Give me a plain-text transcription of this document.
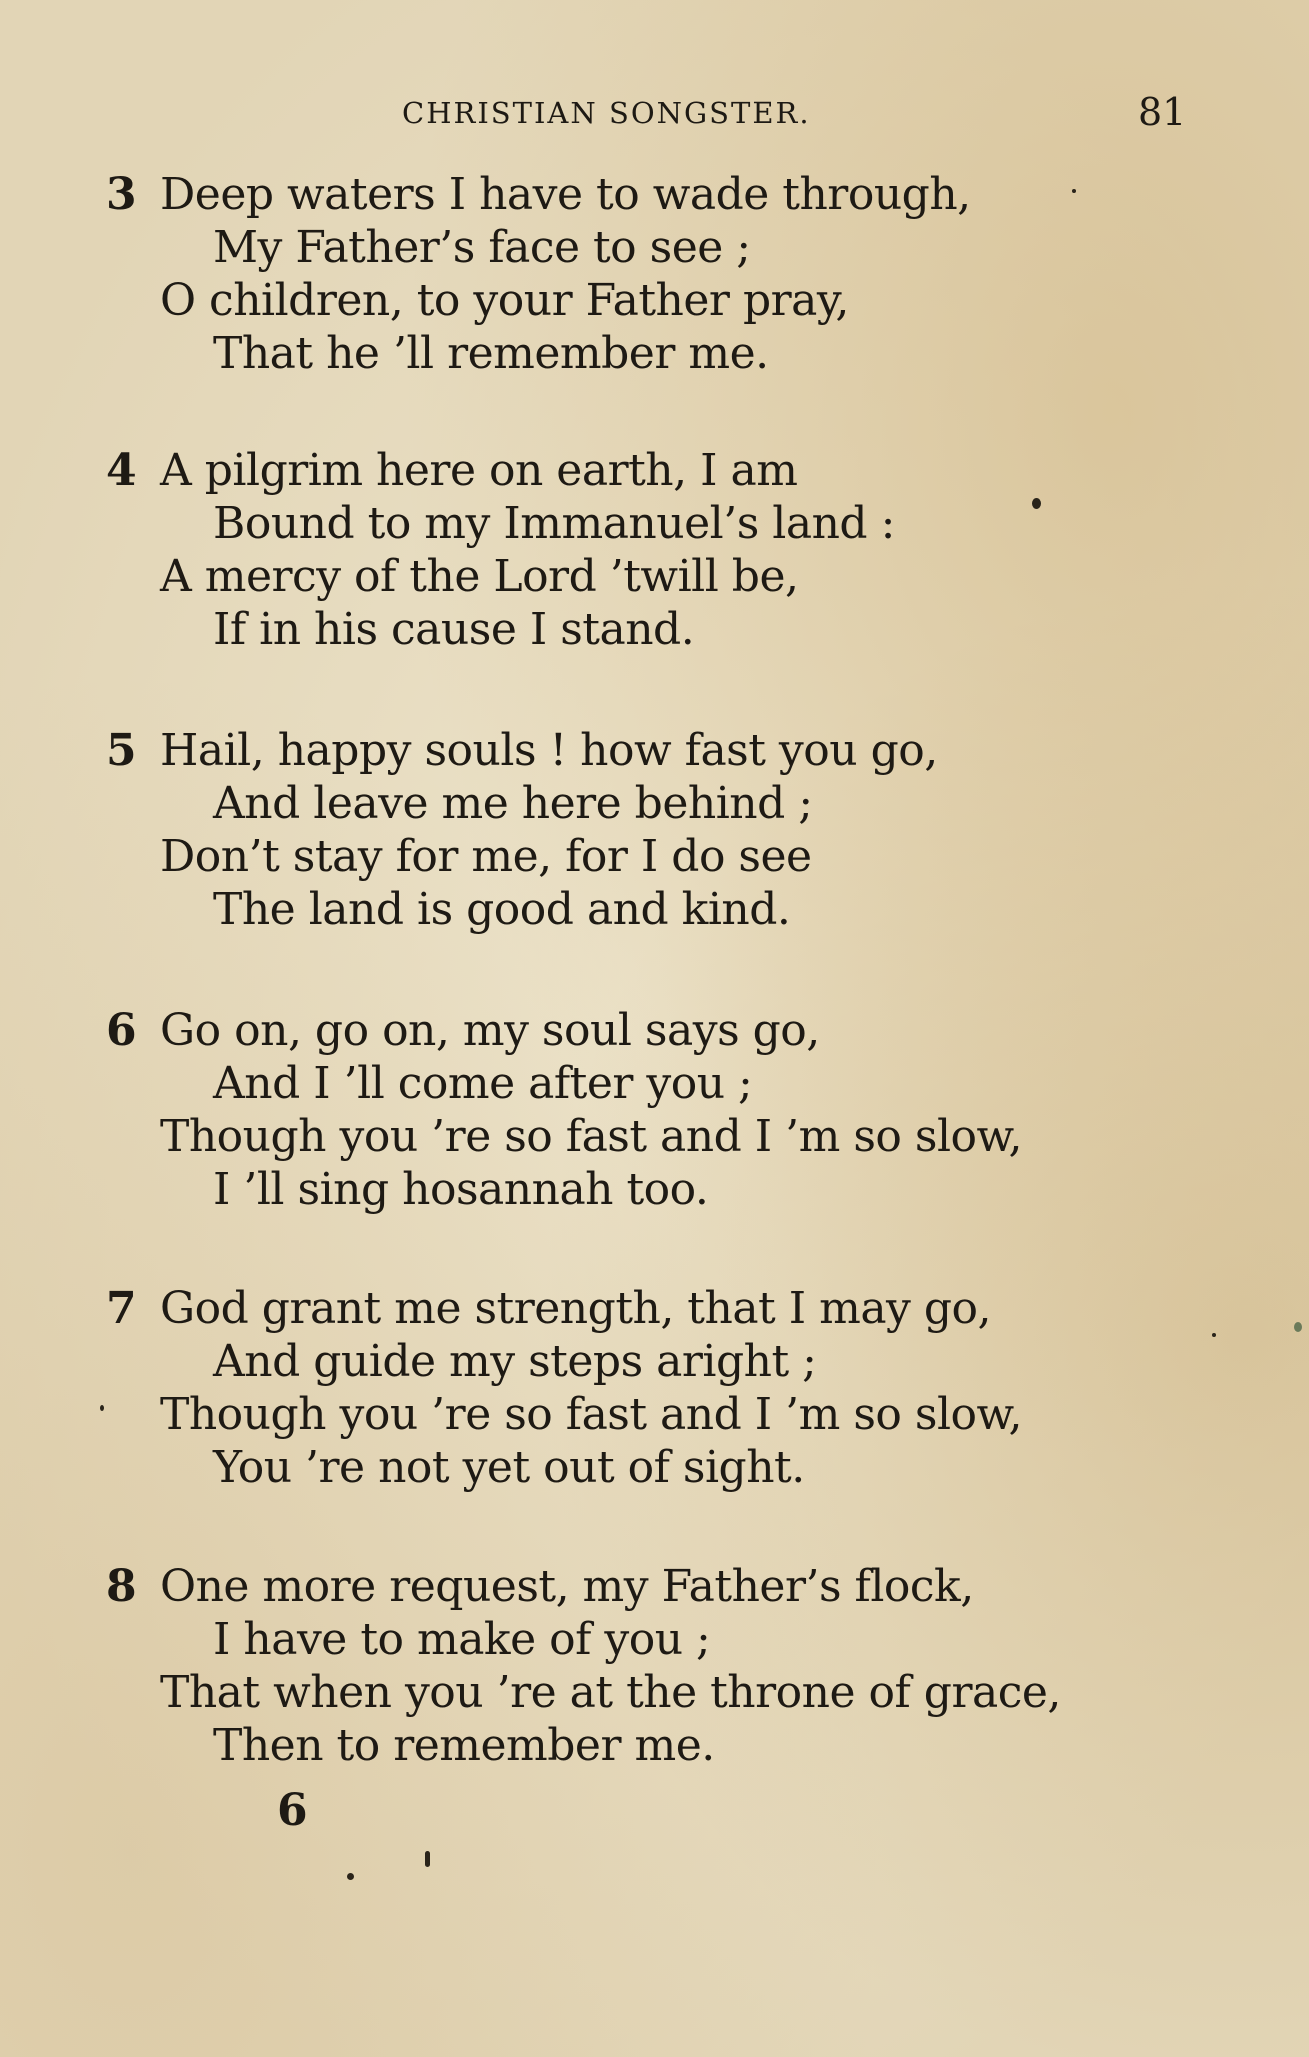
CHRISTIAN SONGSTER.	81
3 Deep waters I have to wade through,
My Father’s face to see ;
O children, to your Father pray,
That he ’ll remember me.
4 A pilgrim here on earth, I am
Bound to my Immanuel’s land :
A mercy of the Lord ’twill be,
If in his cause I stand.
5 Hail, happy souls ! how fast you go,
And leave me here behind ;
Don’t stay for me, for I do see
The land is good and kind.
6 Go on, go on, my soul says go,
And I ’ll come after you ;
Though you ’re so fast and I ’m so slow,
I ’ll sing hosannah too.
7 God grant me strength, that I may go,
And guide my steps aright ;
Though you ’re so fast and I ’m so slow,
You ’re not yet out of sight.
8 One more request, my Father’s flock,
I have to make of you ;
That when you ’re at the throne of grace,
Then to remember me.
6
